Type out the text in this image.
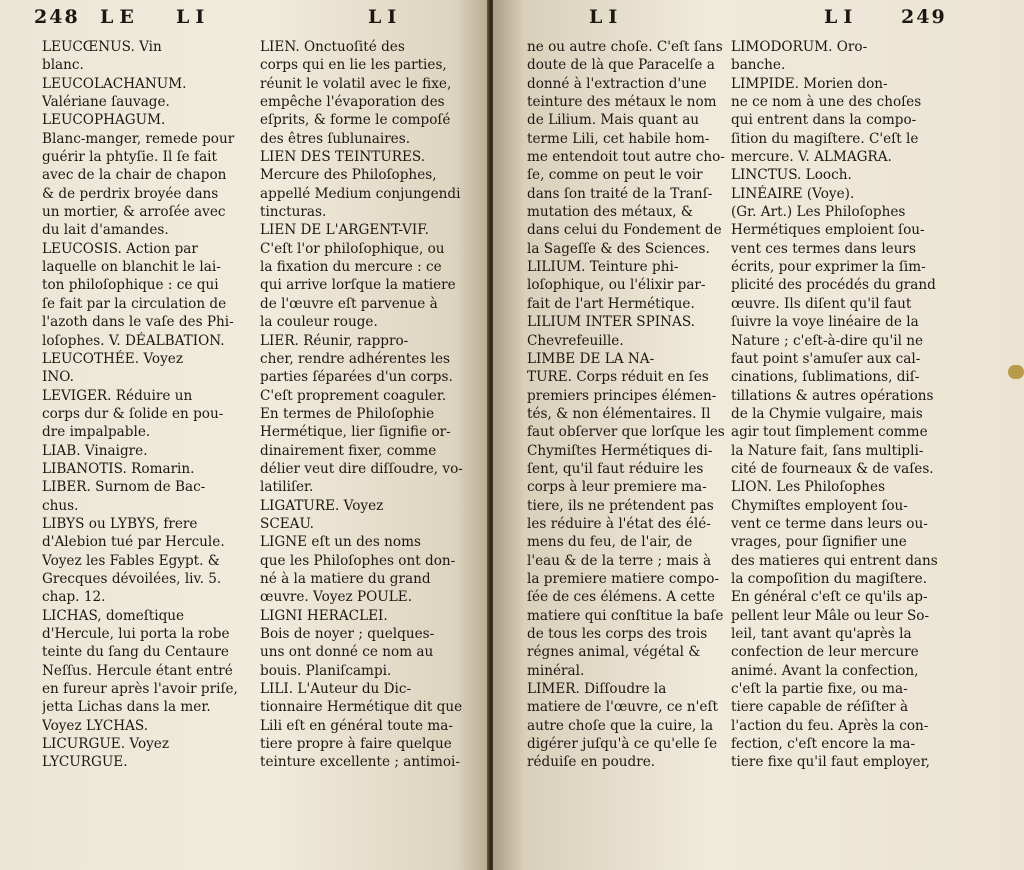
248 LE LI	LI
LEUCŒNUS. Vin
blanc.
LEUCOLACHANUM.
Valériane ſauvage.
LEUCOPHAGUM.
Blanc-manger, remede pour
guérir la phtyſie. Il ſe fait
avec de la chair de chapon
& de perdrix broyée dans
un mortier, & arroſée avec
du lait d'amandes.
LEUCOSIS. Action par
laquelle on blanchit le lai-
ton philoſophique : ce qui
ſe fait par la circulation de
l'azoth dans le vaſe des Phi-
loſophes. V. DÉALBATION.
LEUCOTHÉE. Voyez
INO.
LEVIGER. Réduire un
corps dur & ſolide en pou-
dre impalpable.
LIAB. Vinaigre.
LIBANOTIS. Romarin.
LIBER. Surnom de Bac-
chus.
LIBYS ou LYBYS, frere
d'Alebion tué par Hercule.
Voyez les Fables Egypt. &
Grecques dévoilées, liv. 5.
chap. 12.
LICHAS, domeſtique
d'Hercule, lui porta la robe
teinte du ſang du Centaure
Neſſus. Hercule étant entré
en fureur après l'avoir priſe,
jetta Lichas dans la mer.
Voyez LYCHAS.
LICURGUE. Voyez
LYCURGUE.
LIEN. Onctuoſité des
corps qui en lie les parties,
réunit le volatil avec le fixe,
empêche l'évaporation des
eſprits, & forme le compoſé
des êtres ſublunaires.
LIEN DES TEINTURES.
Mercure des Philoſophes,
appellé Medium conjungendi
tincturas.
LIEN DE L'ARGENT-VIF.
C'eſt l'or philoſophique, ou
la fixation du mercure : ce
qui arrive lorſque la matiere
de l'œuvre eſt parvenue à
la couleur rouge.
LIER. Réunir, rappro-
cher, rendre adhérentes les
parties ſéparées d'un corps.
C'eſt proprement coaguler.
En termes de Philoſophie
Hermétique, lier ſignifie or-
dinairement fixer, comme
délier veut dire diſſoudre, vo-
latiliſer.
LIGATURE. Voyez
SCEAU.
LIGNE eſt un des noms
que les Philoſophes ont don-
né à la matiere du grand
œuvre. Voyez POULE.
LIGNI HERACLEI.
Bois de noyer ; quelques-
uns ont donné ce nom au
bouis. Planiſcampi.
LILI. L'Auteur du Dic-
tionnaire Hermétique dit que
Lili eſt en général toute ma-
tiere propre à faire quelque
teinture excellente ; antimoi-
LI	LI 249
ne ou autre choſe. C'eſt ſans
doute de là que Paracelſe a
donné à l'extraction d'une
teinture des métaux le nom
de Lilium. Mais quant au
terme Lili, cet habile hom-
me entendoit tout autre cho-
ſe, comme on peut le voir
dans ſon traité de la Tranſ-
mutation des métaux, &
dans celui du Fondement de
la Sageſſe & des Sciences.
LILIUM. Teinture phi-
loſophique, ou l'élixir par-
fait de l'art Hermétique.
LILIUM INTER SPINAS.
Chevrefeuille.
LIMBE DE LA NA-
TURE. Corps réduit en ſes
premiers principes élémen-
tés, & non élémentaires. Il
faut obſerver que lorſque les
Chymiſtes Hermétiques di-
ſent, qu'il faut réduire les
corps à leur premiere ma-
tiere, ils ne prétendent pas
les réduire à l'état des élé-
mens du feu, de l'air, de
l'eau & de la terre ; mais à
la premiere matiere compo-
ſée de ces élémens. A cette
matiere qui conſtitue la baſe
de tous les corps des trois
régnes animal, végétal &
minéral.
LIMER. Diſſoudre la
matiere de l'œuvre, ce n'eſt
autre choſe que la cuire, la
digérer juſqu'à ce qu'elle ſe
réduiſe en poudre.
LIMODORUM. Oro-
banche.
LIMPIDE. Morien don-
ne ce nom à une des choſes
qui entrent dans la compo-
ſition du magiſtere. C'eſt le
mercure. V. ALMAGRA.
LINCTUS. Looch.
LINÉAIRE (Voye).
(Gr. Art.) Les Philoſophes
Hermétiques emploient ſou-
vent ces termes dans leurs
écrits, pour exprimer la ſim-
plicité des procédés du grand
œuvre. Ils diſent qu'il faut
ſuivre la voye linéaire de la
Nature ; c'eſt-à-dire qu'il ne
faut point s'amuſer aux cal-
cinations, ſublimations, diſ-
tillations & autres opérations
de la Chymie vulgaire, mais
agir tout ſimplement comme
la Nature fait, ſans multipli-
cité de fourneaux & de vaſes.
LION. Les Philoſophes
Chymiſtes employent ſou-
vent ce terme dans leurs ou-
vrages, pour ſignifier une
des matieres qui entrent dans
la compoſition du magiſtere.
En général c'eſt ce qu'ils ap-
pellent leur Mâle ou leur So-
leil, tant avant qu'après la
confection de leur mercure
animé. Avant la confection,
c'eſt la partie fixe, ou ma-
tiere capable de réſiſter à
l'action du feu. Après la con-
fection, c'eſt encore la ma-
tiere fixe qu'il faut employer,
